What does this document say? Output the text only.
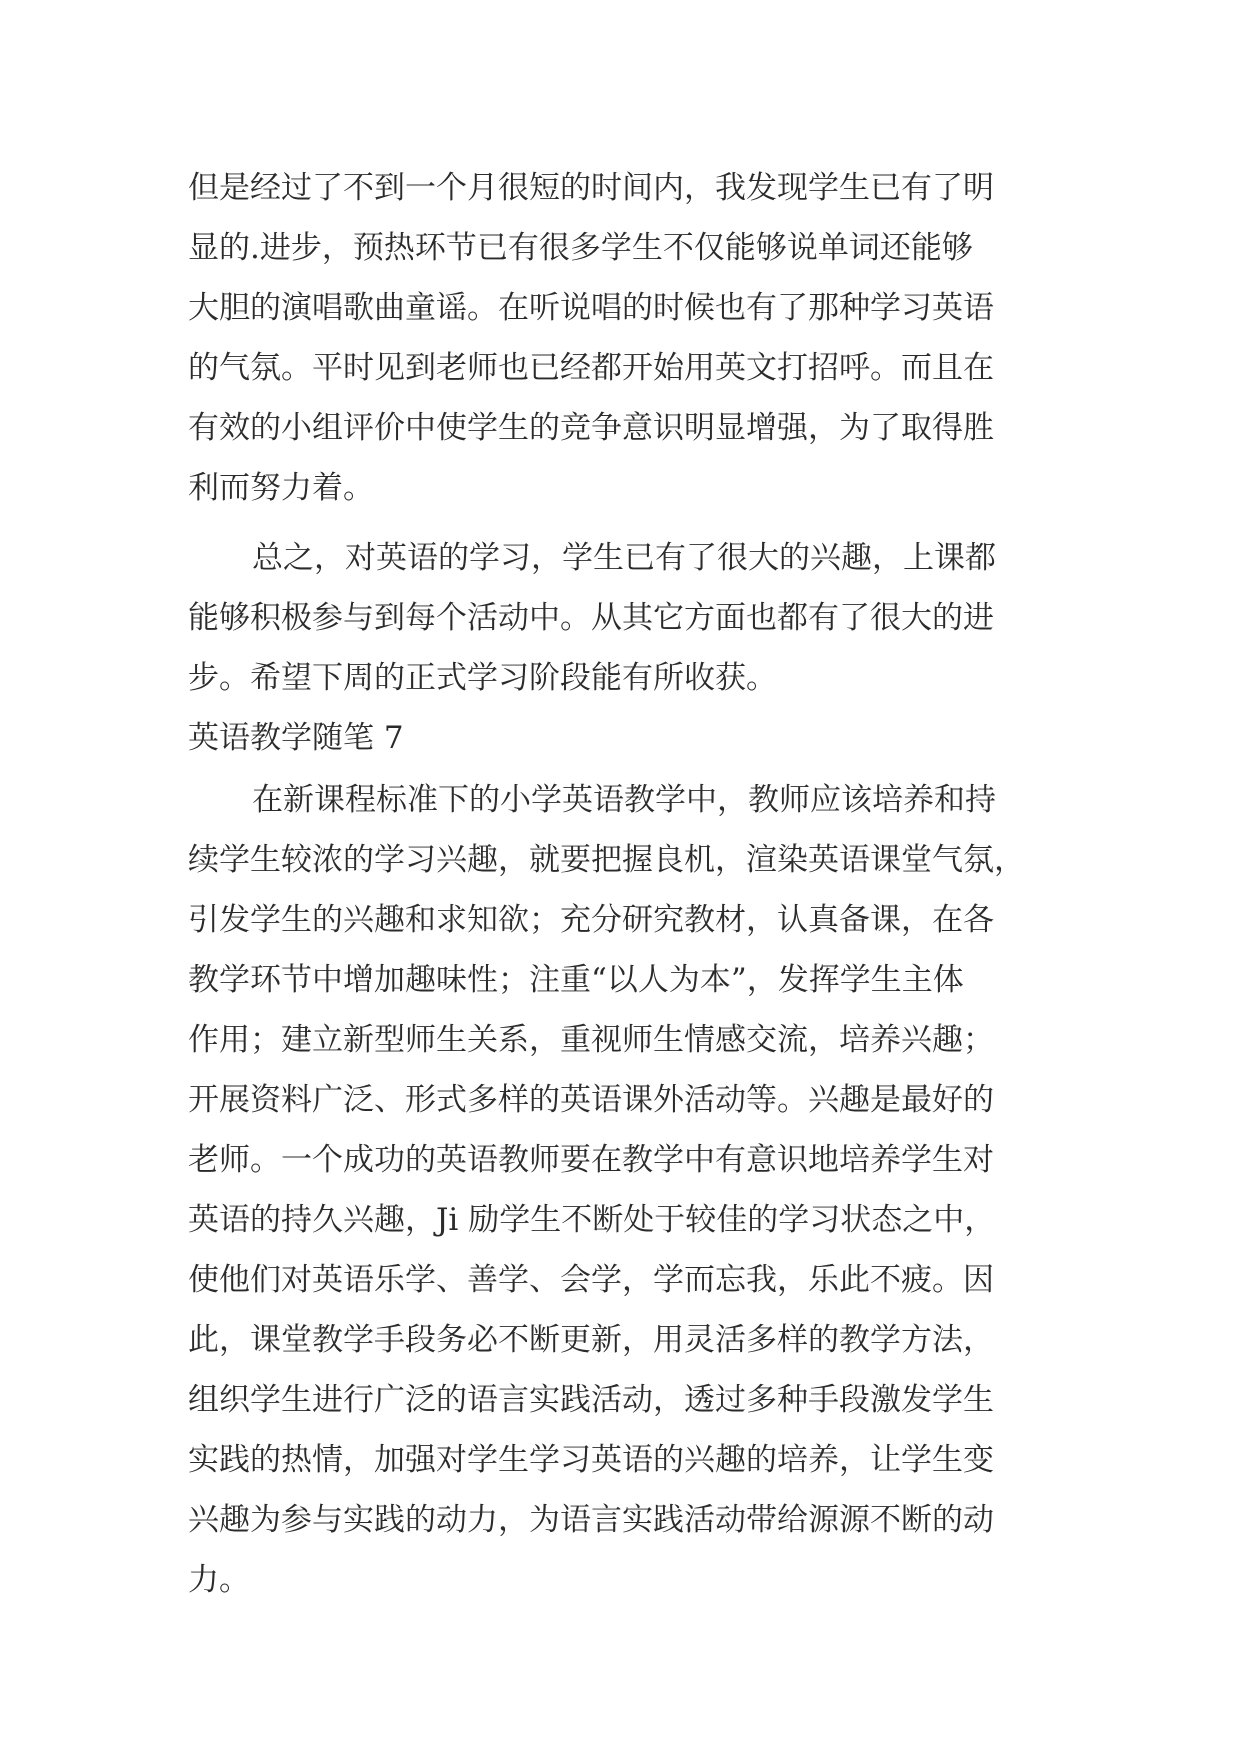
但是经过了不到一个月很短的时间内，我发现学生已有了明
显的.进步，预热环节已有很多学生不仅能够说单词还能够
大胆的演唱歌曲童谣。在听说唱的时候也有了那种学习英语
的气氛。平时见到老师也已经都开始用英文打招呼。而且在
有效的小组评价中使学生的竞争意识明显增强，为了取得胜
利而努力着。
总之，对英语的学习，学生已有了很大的兴趣，上课都
能够积极参与到每个活动中。从其它方面也都有了很大的进
步。希望下周的正式学习阶段能有所收获。
英语教学随笔 7
在新课程标准下的小学英语教学中，教师应该培养和持
续学生较浓的学习兴趣，就要把握良机，渲染英语课堂气氛，
引发学生的兴趣和求知欲；充分研究教材，认真备课，在各
教学环节中增加趣味性；注重“以人为本”，发挥学生主体
作用；建立新型师生关系，重视师生情感交流，培养兴趣；
开展资料广泛、形式多样的英语课外活动等。兴趣是最好的
老师。一个成功的英语教师要在教学中有意识地培养学生对
英语的持久兴趣，Ji 励学生不断处于较佳的学习状态之中，
使他们对英语乐学、善学、会学，学而忘我，乐此不疲。因
此，课堂教学手段务必不断更新，用灵活多样的教学方法，
组织学生进行广泛的语言实践活动，透过多种手段激发学生
实践的热情，加强对学生学习英语的兴趣的培养，让学生变
兴趣为参与实践的动力，为语言实践活动带给源源不断的动
力。
